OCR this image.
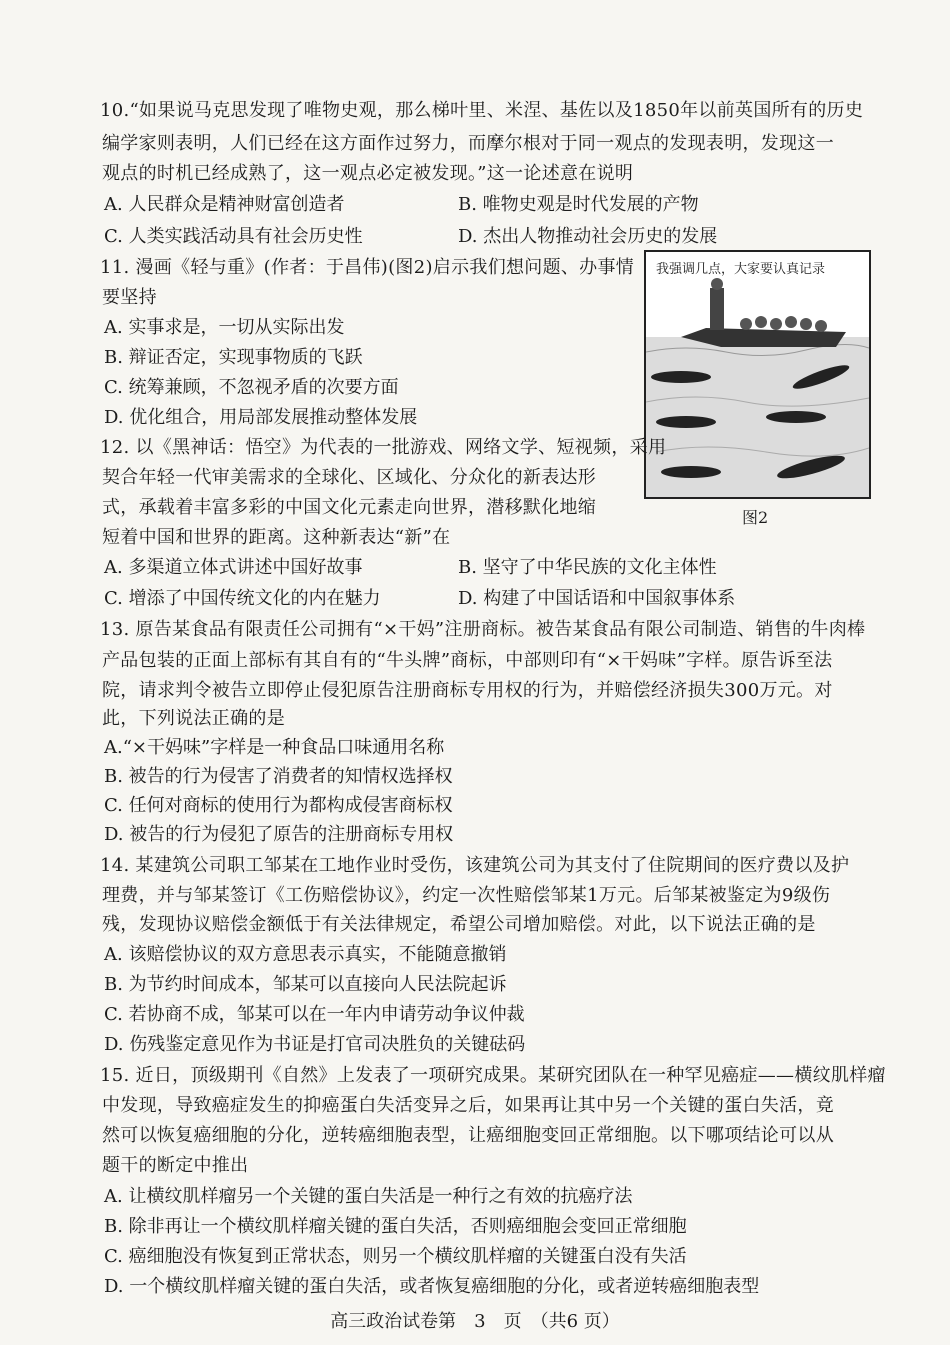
10.“如果说马克思发现了唯物史观，那么梯叶里、米涅、基佐以及1850年以前英国所有的历史
编学家则表明，人们已经在这方面作过努力，而摩尔根对于同一观点的发现表明，发现这一
观点的时机已经成熟了，这一观点必定被发现。”这一论述意在说明
A. 人民群众是精神财富创造者	B. 唯物史观是时代发展的产物
C. 人类实践活动具有社会历史性	D. 杰出人物推动社会历史的发展
11. 漫画《轻与重》(作者：于昌伟)(图2)启示我们想问题、办事情
要坚持
A. 实事求是，一切从实际出发
B. 辩证否定，实现事物质的飞跃
C. 统筹兼顾，不忽视矛盾的次要方面
D. 优化组合，用局部发展推动整体发展
我强调几点，大家要认真记录
图2
12. 以《黑神话：悟空》为代表的一批游戏、网络文学、短视频，采用
契合年轻一代审美需求的全球化、区域化、分众化的新表达形
式，承载着丰富多彩的中国文化元素走向世界，潜移默化地缩
短着中国和世界的距离。这种新表达“新”在
A. 多渠道立体式讲述中国好故事	B. 坚守了中华民族的文化主体性
C. 增添了中国传统文化的内在魅力	D. 构建了中国话语和中国叙事体系
13. 原告某食品有限责任公司拥有“×干妈”注册商标。被告某食品有限公司制造、销售的牛肉棒
产品包装的正面上部标有其自有的“牛头牌”商标，中部则印有“×干妈味”字样。原告诉至法
院，请求判令被告立即停止侵犯原告注册商标专用权的行为，并赔偿经济损失300万元。对
此，下列说法正确的是
A.“×干妈味”字样是一种食品口味通用名称
B. 被告的行为侵害了消费者的知情权选择权
C. 任何对商标的使用行为都构成侵害商标权
D. 被告的行为侵犯了原告的注册商标专用权
14. 某建筑公司职工邹某在工地作业时受伤，该建筑公司为其支付了住院期间的医疗费以及护
理费，并与邹某签订《工伤赔偿协议》，约定一次性赔偿邹某1万元。后邹某被鉴定为9级伤
残，发现协议赔偿金额低于有关法律规定，希望公司增加赔偿。对此，以下说法正确的是
A. 该赔偿协议的双方意思表示真实，不能随意撤销
B. 为节约时间成本，邹某可以直接向人民法院起诉
C. 若协商不成，邹某可以在一年内申请劳动争议仲裁
D. 伤残鉴定意见作为书证是打官司决胜负的关键砝码
15. 近日，顶级期刊《自然》上发表了一项研究成果。某研究团队在一种罕见癌症——横纹肌样瘤
中发现，导致癌症发生的抑癌蛋白失活变异之后，如果再让其中另一个关键的蛋白失活，竟
然可以恢复癌细胞的分化，逆转癌细胞表型，让癌细胞变回正常细胞。以下哪项结论可以从
题干的断定中推出
A. 让横纹肌样瘤另一个关键的蛋白失活是一种行之有效的抗癌疗法
B. 除非再让一个横纹肌样瘤关键的蛋白失活，否则癌细胞会变回正常细胞
C. 癌细胞没有恢复到正常状态，则另一个横纹肌样瘤的关键蛋白没有失活
D. 一个横纹肌样瘤关键的蛋白失活，或者恢复癌细胞的分化，或者逆转癌细胞表型
高三政治试卷第　3　页　（共6 页）
